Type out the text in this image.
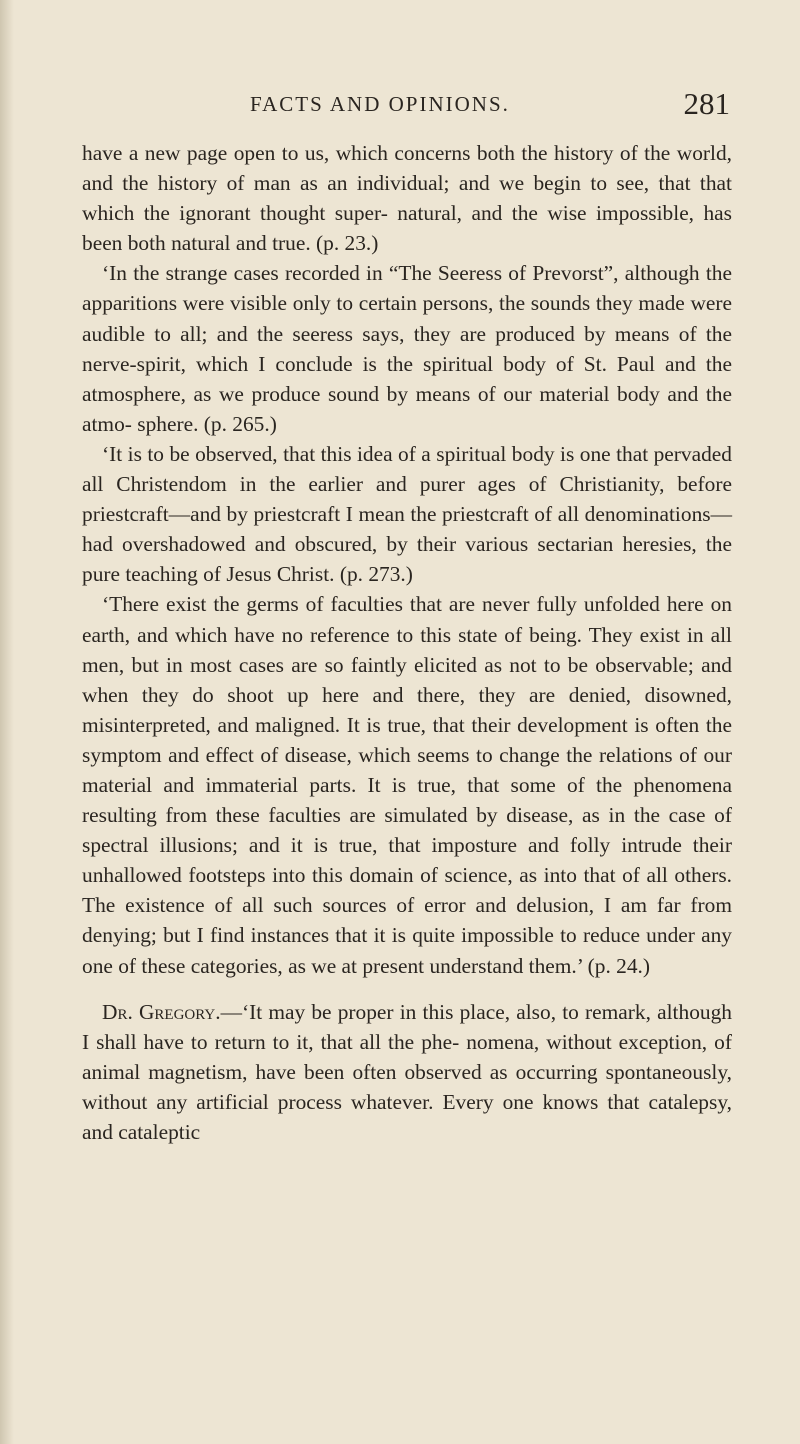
FACTS AND OPINIONS.	281

have a new page open to us, which concerns both the history of the world, and the history of man as an individual; and we begin to see, that that which the ignorant thought super- natural, and the wise impossible, has been both natural and true. (p. 23.)

‘In the strange cases recorded in “The Seeress of Prevorst”, although the apparitions were visible only to certain persons, the sounds they made were audible to all; and the seeress says, they are produced by means of the nerve-spirit, which I conclude is the spiritual body of St. Paul and the atmosphere, as we produce sound by means of our material body and the atmo- sphere. (p. 265.)

‘It is to be observed, that this idea of a spiritual body is one that pervaded all Christendom in the earlier and purer ages of Christianity, before priestcraft—and by priestcraft I mean the priestcraft of all denominations—had overshadowed and obscured, by their various sectarian heresies, the pure teaching of Jesus Christ. (p. 273.)

‘There exist the germs of faculties that are never fully unfolded here on earth, and which have no reference to this state of being. They exist in all men, but in most cases are so faintly elicited as not to be observable; and when they do shoot up here and there, they are denied, disowned, misinterpreted, and maligned. It is true, that their development is often the symptom and effect of disease, which seems to change the relations of our material and immaterial parts. It is true, that some of the phenomena resulting from these faculties are simulated by disease, as in the case of spectral illusions; and it is true, that imposture and folly intrude their unhallowed footsteps into this domain of science, as into that of all others. The existence of all such sources of error and delusion, I am far from denying; but I find instances that it is quite impossible to reduce under any one of these categories, as we at present understand them.’ (p. 24.)

Dr. Gregory.—‘It may be proper in this place, also, to remark, although I shall have to return to it, that all the phe- nomena, without exception, of animal magnetism, have been often observed as occurring spontaneously, without any artificial process whatever. Every one knows that catalepsy, and cataleptic
